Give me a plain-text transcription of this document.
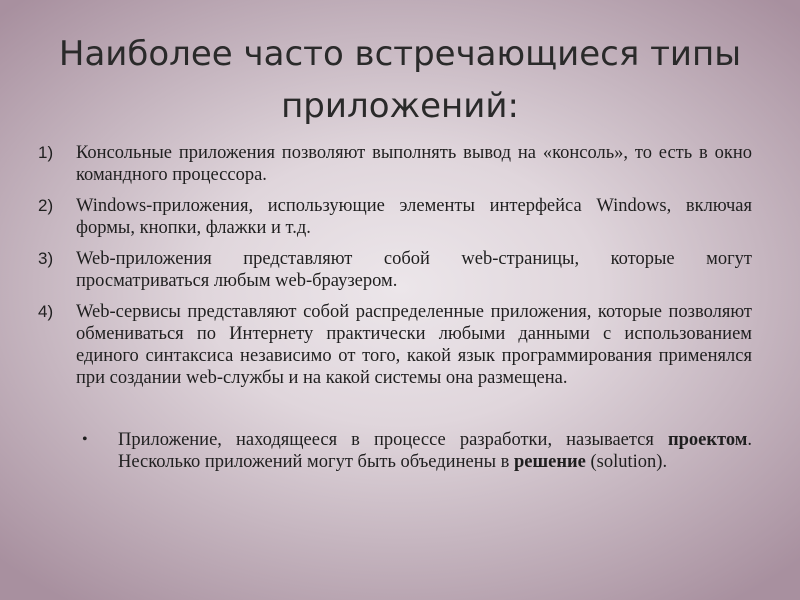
Наиболее часто встречающиеся типы приложений:
1)	Консольные приложения позволяют выполнять вывод на «консоль», то есть в окно командного процессора.
2)	Windows-приложения, использующие элементы интерфейса Windows, включая формы, кнопки, флажки и т.д.
3)	Web-приложения представляют собой web-страницы, которые могут просматриваться любым web-браузером.
4)	Web-сервисы представляют собой распределенные приложения, которые позволяют обмениваться по Интернету практически любыми данными с использованием единого синтаксиса независимо от того, какой язык программирования применялся при создании web-службы и на какой системы она размещена.
•	Приложение, находящееся в процессе разработки, называется проектом. Несколько приложений могут быть объединены в решение (solution).
